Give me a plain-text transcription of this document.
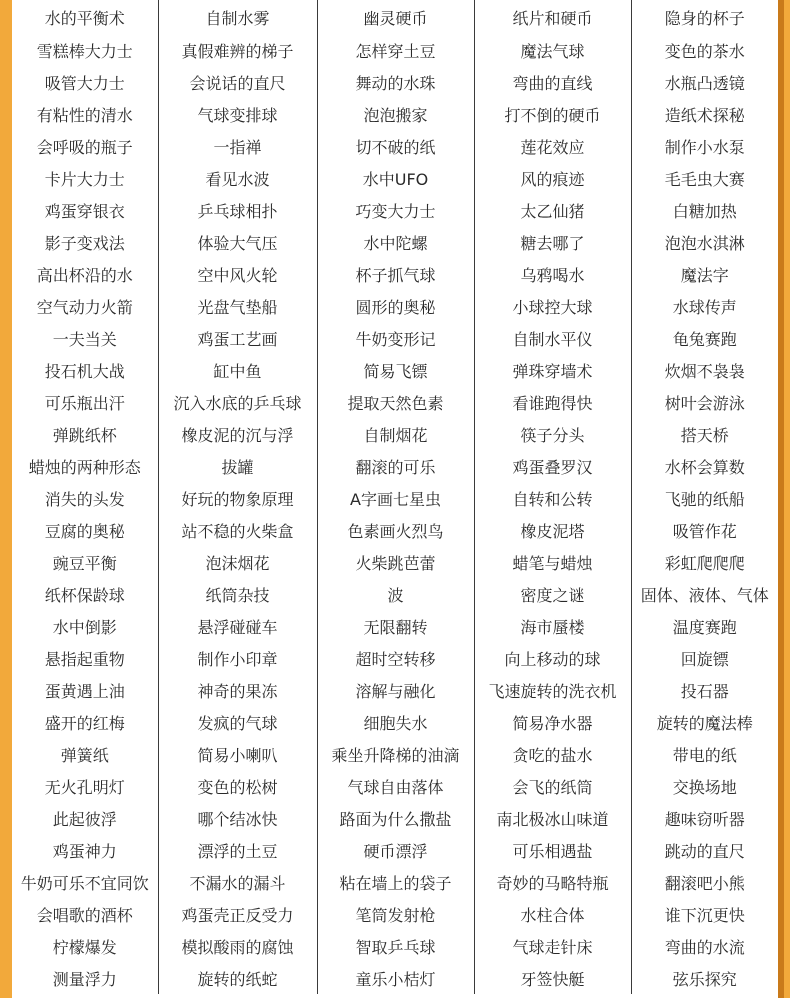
水的平衡术	自制水雾	幽灵硬币	纸片和硬币	隐身的杯子
雪糕棒大力士	真假难辨的梯子	怎样穿土豆	魔法气球	变色的茶水
吸管大力士	会说话的直尺	舞动的水珠	弯曲的直线	水瓶凸透镜
有粘性的清水	气球变排球	泡泡搬家	打不倒的硬币	造纸术探秘
会呼吸的瓶子	一指禅	切不破的纸	莲花效应	制作小水泵
卡片大力士	看见水波	水中UFO	风的痕迹	毛毛虫大赛
鸡蛋穿银衣	乒乓球相扑	巧变大力士	太乙仙猪	白糖加热
影子变戏法	体验大气压	水中陀螺	糖去哪了	泡泡水淇淋
高出杯沿的水	空中风火轮	杯子抓气球	乌鸦喝水	魔法字
空气动力火箭	光盘气垫船	圆形的奥秘	小球控大球	水球传声
一夫当关	鸡蛋工艺画	牛奶变形记	自制水平仪	龟兔赛跑
投石机大战	缸中鱼	简易飞镖	弹珠穿墙术	炊烟不袅袅
可乐瓶出汗	沉入水底的乒乓球	提取天然色素	看谁跑得快	树叶会游泳
弹跳纸杯	橡皮泥的沉与浮	自制烟花	筷子分头	搭天桥
蜡烛的两种形态	拔罐	翻滚的可乐	鸡蛋叠罗汉	水杯会算数
消失的头发	好玩的物象原理	A字画七星虫	自转和公转	飞驰的纸船
豆腐的奥秘	站不稳的火柴盒	色素画火烈鸟	橡皮泥塔	吸管作花
豌豆平衡	泡沫烟花	火柴跳芭蕾	蜡笔与蜡烛	彩虹爬爬爬
纸杯保龄球	纸筒杂技	波	密度之谜	固体、液体、气体
水中倒影	悬浮碰碰车	无限翻转	海市蜃楼	温度赛跑
悬指起重物	制作小印章	超时空转移	向上移动的球	回旋镖
蛋黄遇上油	神奇的果冻	溶解与融化	飞速旋转的洗衣机	投石器
盛开的红梅	发疯的气球	细胞失水	简易净水器	旋转的魔法棒
弹簧纸	简易小喇叭	乘坐升降梯的油滴	贪吃的盐水	带电的纸
无火孔明灯	变色的松树	气球自由落体	会飞的纸筒	交换场地
此起彼浮	哪个结冰快	路面为什么撒盐	南北极冰山味道	趣味窃听器
鸡蛋神力	漂浮的土豆	硬币漂浮	可乐相遇盐	跳动的直尺
牛奶可乐不宜同饮	不漏水的漏斗	粘在墙上的袋子	奇妙的马略特瓶	翻滚吧小熊
会唱歌的酒杯	鸡蛋壳正反受力	笔筒发射枪	水柱合体	谁下沉更快
柠檬爆发	模拟酸雨的腐蚀	智取乒乓球	气球走针床	弯曲的水流
测量浮力	旋转的纸蛇	童乐小桔灯	牙签快艇	弦乐探究
